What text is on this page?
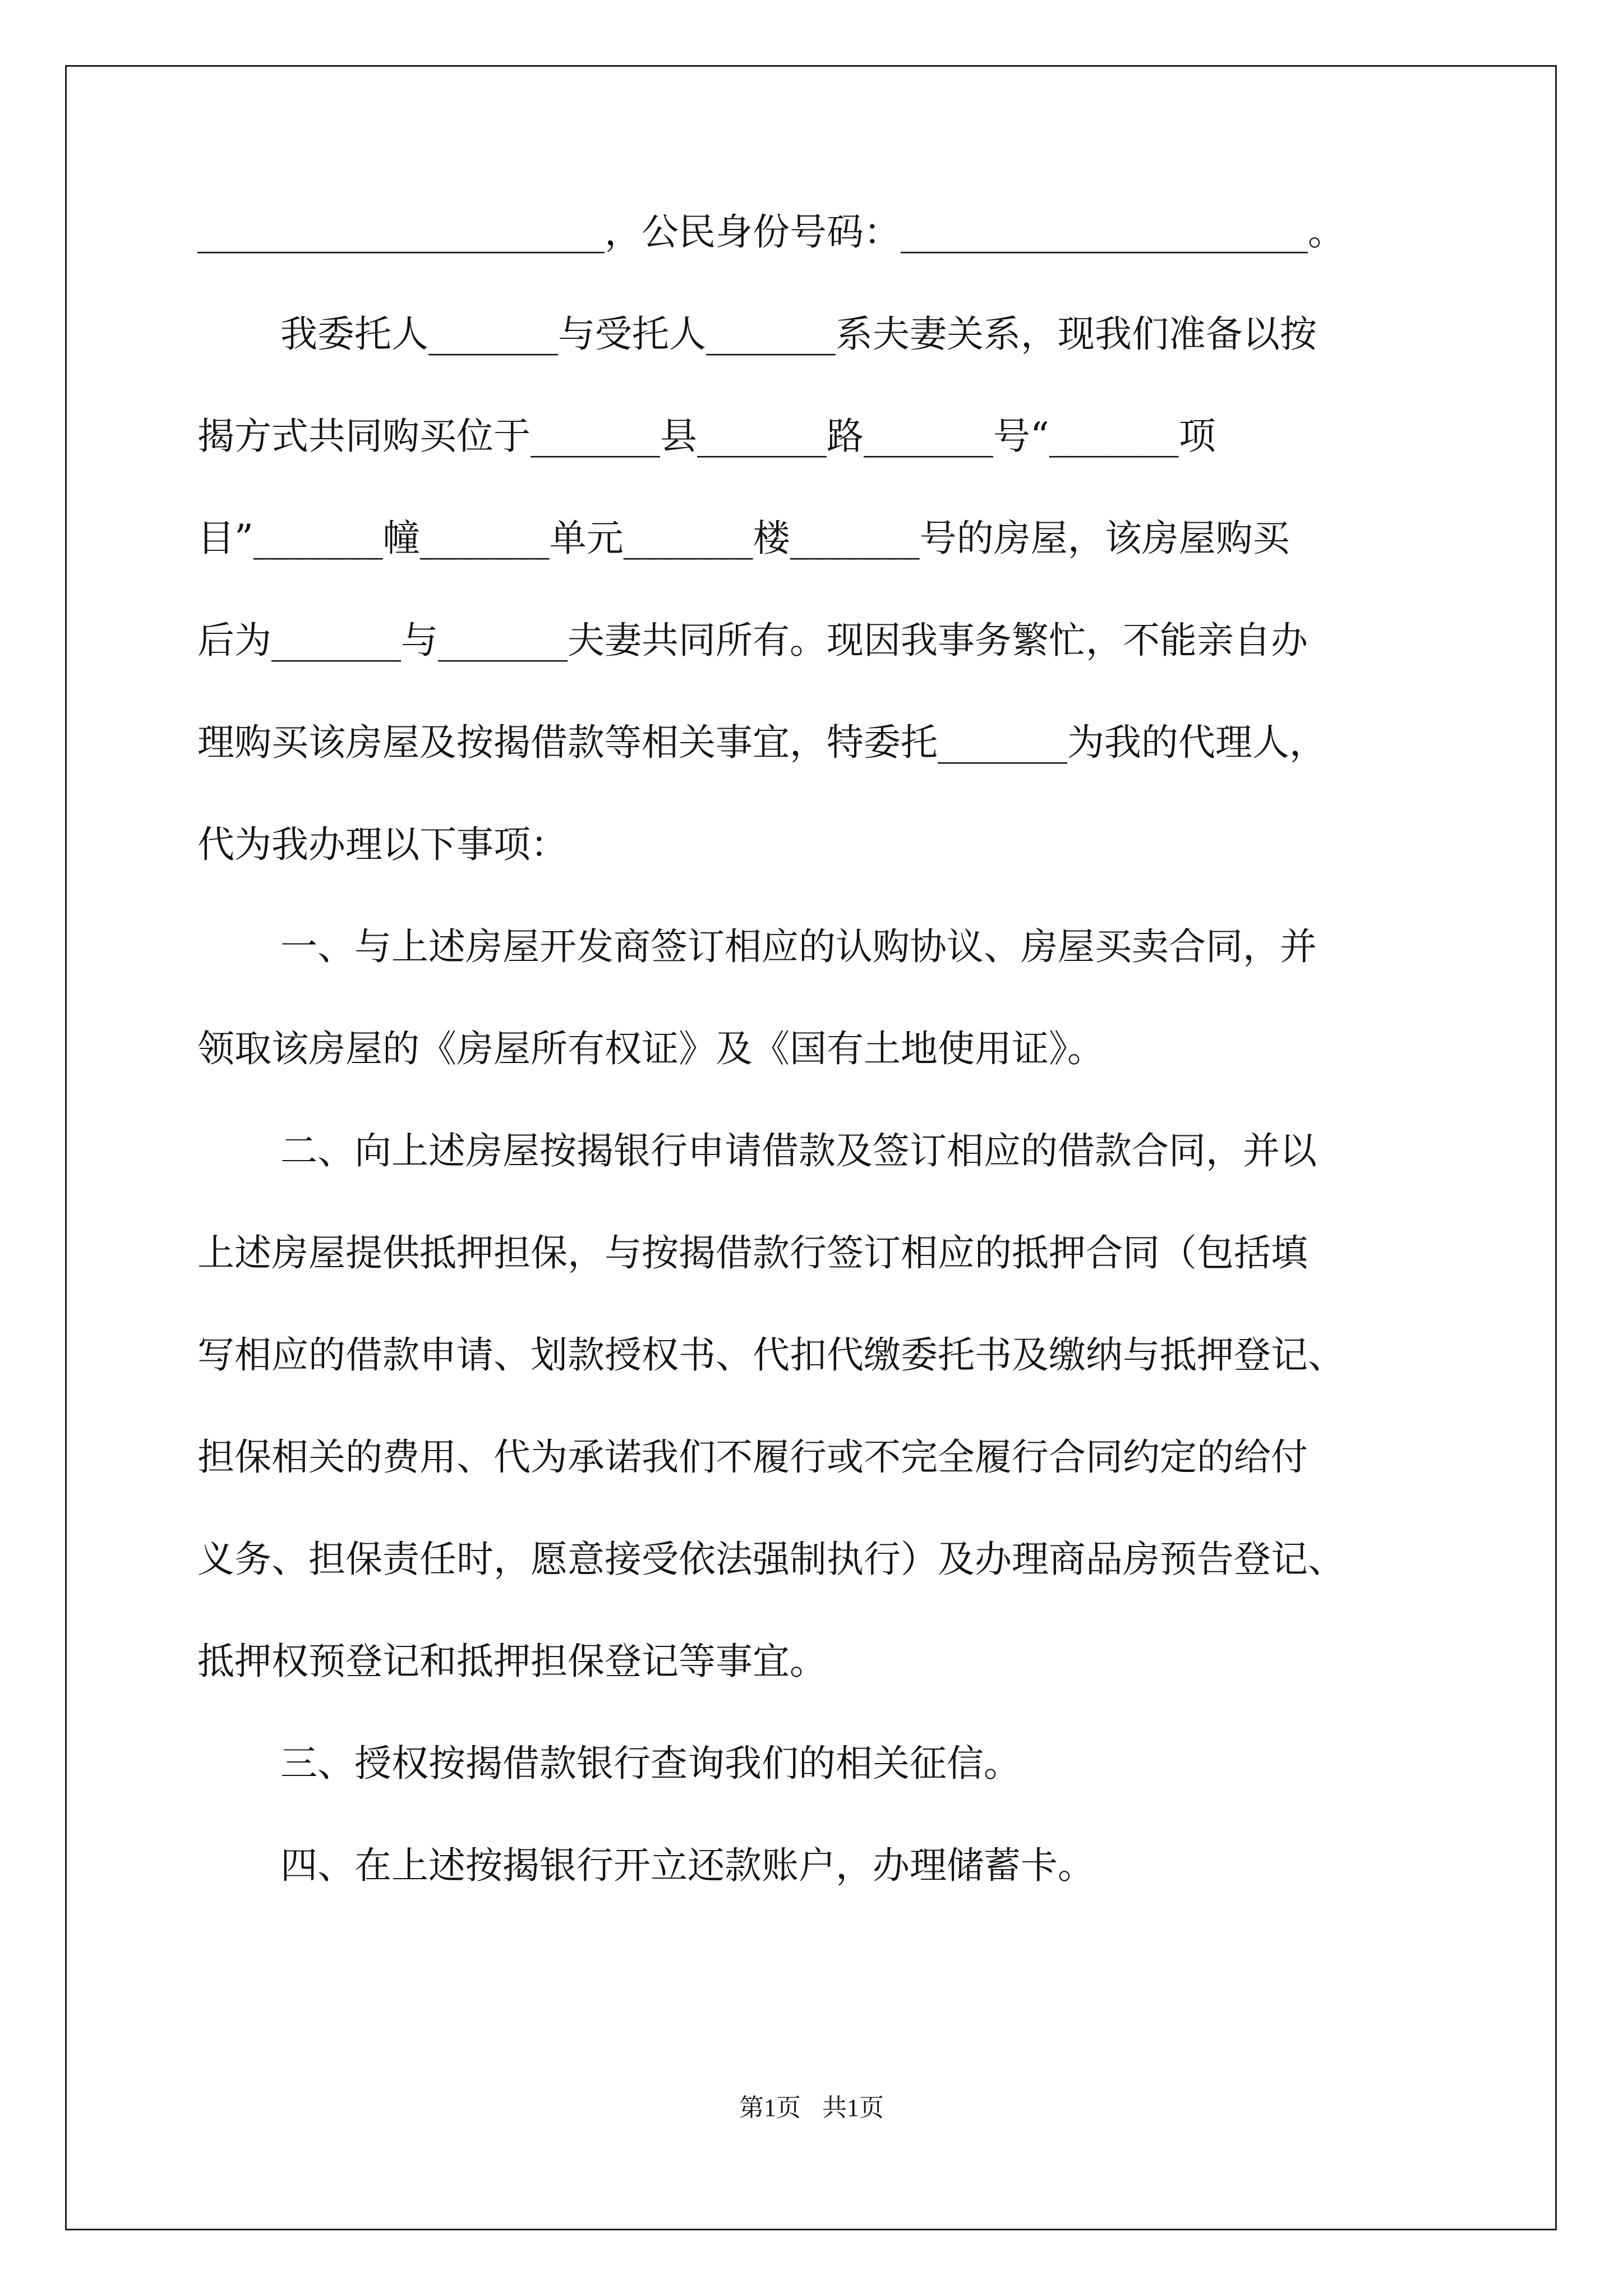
______________________，公民身份号码：______________________。
我委托人_______与受托人_______系夫妻关系，现我们准备以按
揭方式共同购买位于_______县_______路_______号“_______项
目”_______幢_______单元_______楼_______号的房屋，该房屋购买
后为_______与_______夫妻共同所有。现因我事务繁忙，不能亲自办
理购买该房屋及按揭借款等相关事宜，特委托_______为我的代理人，
代为我办理以下事项：
一、与上述房屋开发商签订相应的认购协议、房屋买卖合同，并
领取该房屋的《房屋所有权证》及《国有土地使用证》。
二、向上述房屋按揭银行申请借款及签订相应的借款合同，并以
上述房屋提供抵押担保，与按揭借款行签订相应的抵押合同（包括填
写相应的借款申请、划款授权书、代扣代缴委托书及缴纳与抵押登记、
担保相关的费用、代为承诺我们不履行或不完全履行合同约定的给付
义务、担保责任时，愿意接受依法强制执行）及办理商品房预告登记、
抵押权预登记和抵押担保登记等事宜。
三、授权按揭借款银行查询我们的相关征信。
四、在上述按揭银行开立还款账户，办理储蓄卡。
第1页 共1页
